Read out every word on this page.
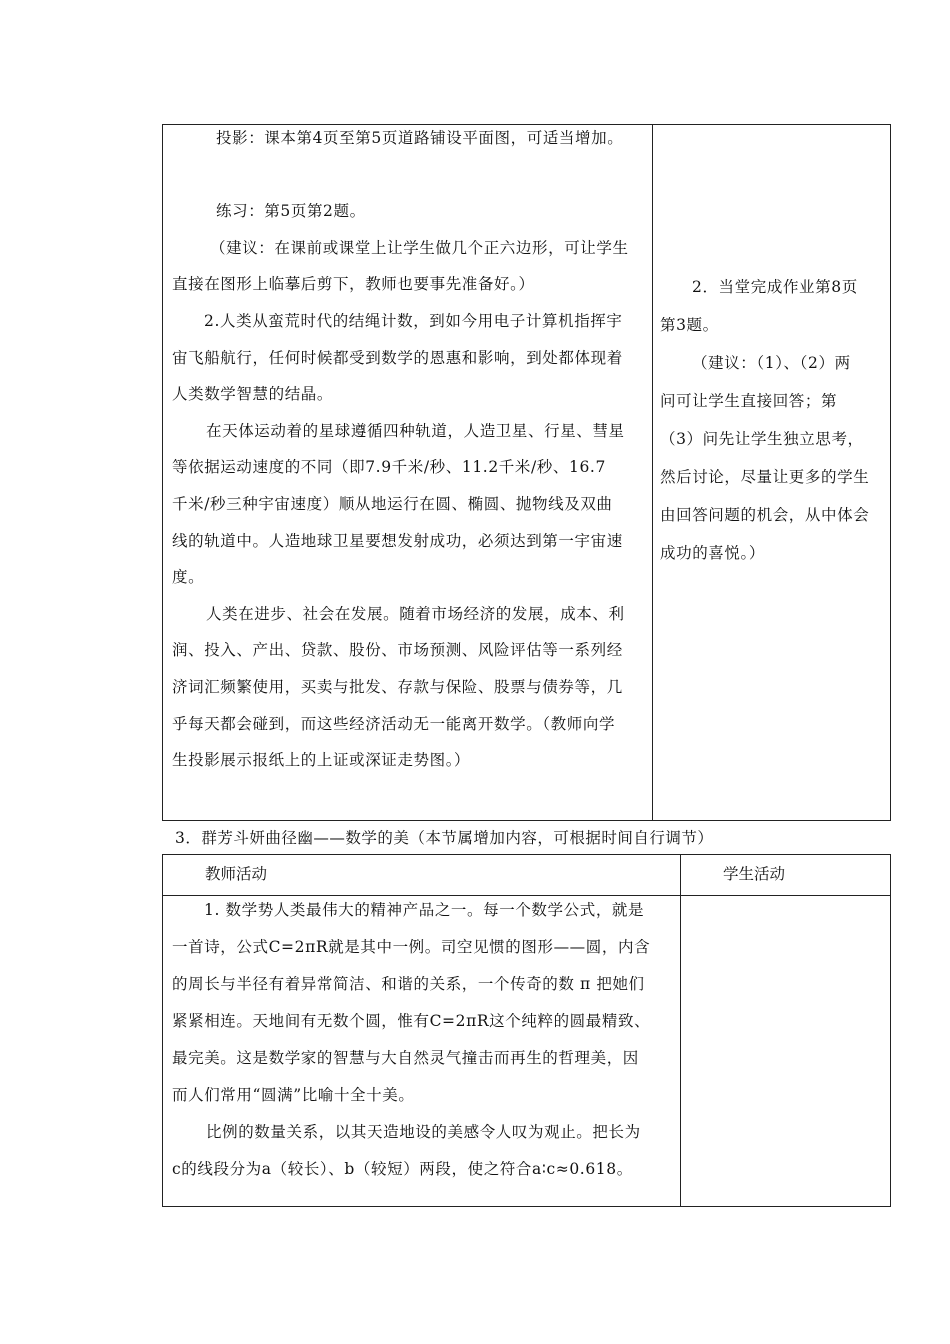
投影：课本第4页至第5页道路铺设平面图，可适当增加。
练习：第5页第2题。
（建议：在课前或课堂上让学生做几个正六边形，可让学生
直接在图形上临摹后剪下，教师也要事先准备好。）
2.人类从蛮荒时代的结绳计数，到如今用电子计算机指挥宇
宙飞船航行，任何时候都受到数学的恩惠和影响，到处都体现着
人类数学智慧的结晶。
在天体运动着的星球遵循四种轨道，人造卫星、行星、彗星
等依据运动速度的不同（即7.9千米/秒、11.2千米/秒、16.7
千米/秒三种宇宙速度）顺从地运行在圆、椭圆、抛物线及双曲
线的轨道中。人造地球卫星要想发射成功，必须达到第一宇宙速
度。
人类在进步、社会在发展。随着市场经济的发展，成本、利
润、投入、产出、贷款、股份、市场预测、风险评估等一系列经
济词汇频繁使用，买卖与批发、存款与保险、股票与债券等，几
乎每天都会碰到，而这些经济活动无一能离开数学。（教师向学
生投影展示报纸上的上证或深证走势图。）
2．当堂完成作业第8页
第3题。
（建议：（1）、（2）两
问可让学生直接回答；第
（3）问先让学生独立思考，
然后讨论，尽量让更多的学生
由回答问题的机会，从中体会
成功的喜悦。）
3．群芳斗妍曲径幽——数学的美（本节属增加内容，可根据时间自行调节）
教师活动	学生活动
1. 数学势人类最伟大的精神产品之一。每一个数学公式，就是
一首诗，公式C=2πR就是其中一例。司空见惯的图形——圆，内含
的周长与半径有着异常简洁、和谐的关系，一个传奇的数 π 把她们
紧紧相连。天地间有无数个圆，惟有C=2πR这个纯粹的圆最精致、
最完美。这是数学家的智慧与大自然灵气撞击而再生的哲理美，因
而人们常用“圆满”比喻十全十美。
比例的数量关系，以其天造地设的美感令人叹为观止。把长为
c的线段分为a（较长）、b（较短）两段，使之符合a∶c≈0.618。
